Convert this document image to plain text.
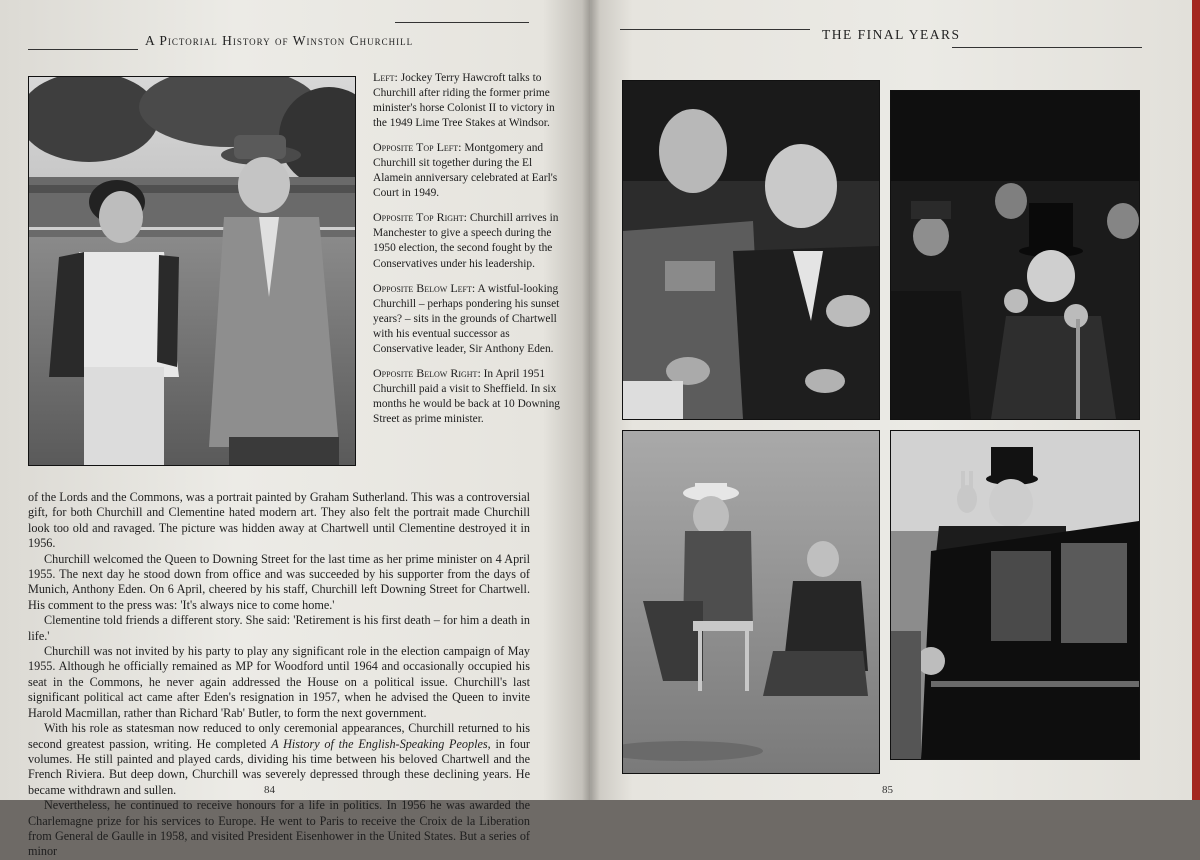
A Pictorial History of Winston Churchill

Left: Jockey Terry Hawcroft talks to Churchill after riding the former prime minister's horse Colonist II to victory in the 1949 Lime Tree Stakes at Windsor.

Opposite Top Left: Montgomery and Churchill sit together during the El Alamein anniversary celebrated at Earl's Court in 1949.

Opposite Top Right: Churchill arrives in Manchester to give a speech during the 1950 election, the second fought by the Conservatives under his leadership.

Opposite Below Left: A wistful-looking Churchill – perhaps pondering his sunset years? – sits in the grounds of Chartwell with his eventual successor as Conservative leader, Sir Anthony Eden.

Opposite Below Right: In April 1951 Churchill paid a visit to Sheffield. In six months he would be back at 10 Downing Street as prime minister.

of the Lords and the Commons, was a portrait painted by Graham Sutherland. This was a controversial gift, for both Churchill and Clementine hated modern art. They also felt the portrait made Churchill look too old and ravaged. The picture was hidden away at Chartwell until Clementine destroyed it in 1956.

Churchill welcomed the Queen to Downing Street for the last time as her prime minister on 4 April 1955. The next day he stood down from office and was succeeded by his supporter from the days of Munich, Anthony Eden. On 6 April, cheered by his staff, Churchill left Downing Street for Chartwell. His comment to the press was: 'It's always nice to come home.'

Clementine told friends a different story. She said: 'Retirement is his first death – for him a death in life.'

Churchill was not invited by his party to play any significant role in the election campaign of May 1955. Although he officially remained as MP for Woodford until 1964 and occasionally occupied his seat in the Commons, he never again addressed the House on a political issue. Churchill's last significant political act came after Eden's resignation in 1957, when he advised the Queen to invite Harold Macmillan, rather than Richard 'Rab' Butler, to form the next government.

With his role as statesman now reduced to only ceremonial appearances, Churchill returned to his second greatest passion, writing. He completed A History of the English-Speaking Peoples, in four volumes. He still painted and played cards, dividing his time between his beloved Chartwell and the French Riviera. But deep down, Churchill was severely depressed through these declining years. He became withdrawn and sullen.

Nevertheless, he continued to receive honours for a life in politics. In 1956 he was awarded the Charlemagne prize for his services to Europe. He went to Paris to receive the Croix de la Liberation from General de Gaulle in 1958, and visited President Eisenhower in the United States. But a series of minor

84
THE FINAL YEARS
85
